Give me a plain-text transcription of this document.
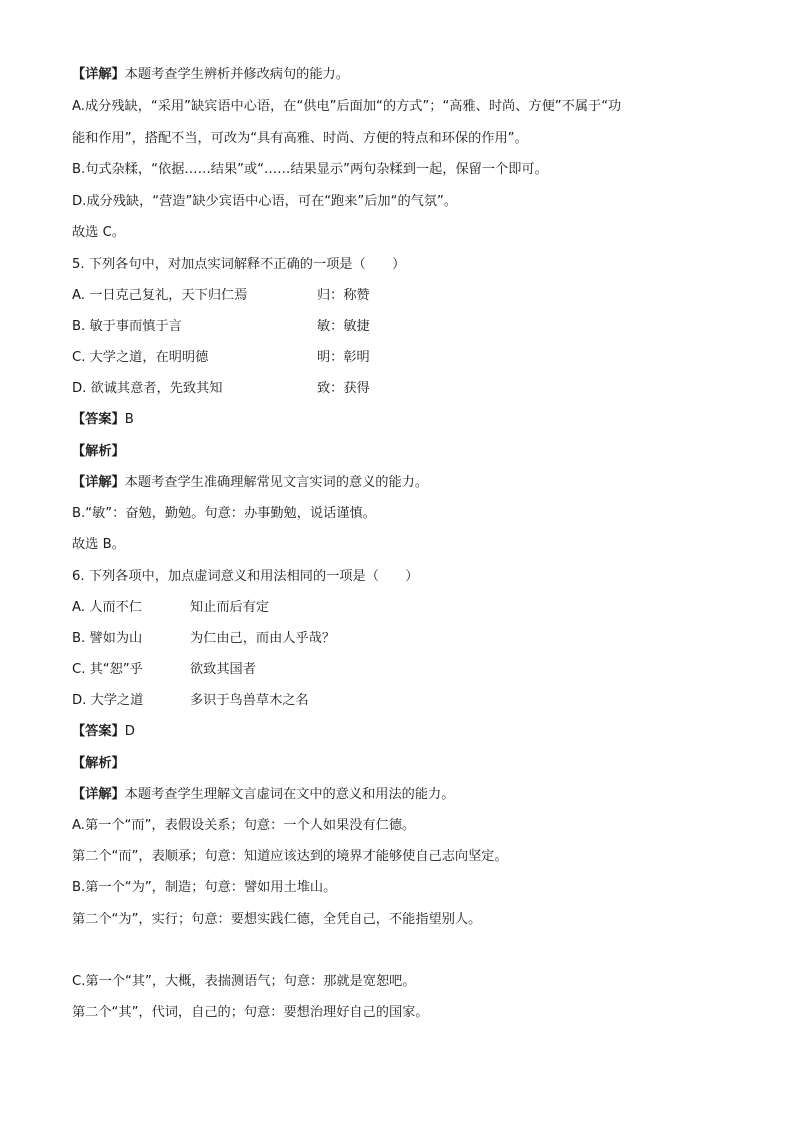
【详解】本题考查学生辨析并修改病句的能力。
A.成分残缺，“采用”缺宾语中心语，在“供电”后面加“的方式”；“高雅、时尚、方便”不属于“功
能和作用”，搭配不当，可改为“具有高雅、时尚、方便的特点和环保的作用”。
B.句式杂糅，“依据……结果”或“……结果显示”两句杂糅到一起，保留一个即可。
D.成分残缺，“营造”缺少宾语中心语，可在“跑来”后加“的气氛”。
故选 C。
5. 下列各句中，对加点实词解释不正确的一项是（　　）
A. 一日克己复礼，天下归仁焉	归：称赞
B. 敏于事而慎于言	敏：敏捷
C. 大学之道，在明明德	明：彰明
D. 欲诚其意者，先致其知	致：获得
【答案】B
【解析】
【详解】本题考查学生准确理解常见文言实词的意义的能力。
B.“敏”：奋勉，勤勉。句意：办事勤勉，说话谨慎。
故选 B。
6. 下列各项中，加点虚词意义和用法相同的一项是（　　）
A. 人而不仁	知止而后有定
B. 譬如为山	为仁由己，而由人乎哉？
C. 其“恕”乎	欲致其国者
D. 大学之道	多识于鸟兽草木之名
【答案】D
【解析】
【详解】本题考查学生理解文言虚词在文中的意义和用法的能力。
A.第一个“而”，表假设关系；句意：一个人如果没有仁德。
第二个“而”，表顺承；句意：知道应该达到的境界才能够使自己志向坚定。
B.第一个“为”，制造；句意：譬如用土堆山。
第二个“为”，实行；句意：要想实践仁德，全凭自己，不能指望别人。
C.第一个“其”，大概，表揣测语气；句意：那就是宽恕吧。
第二个“其”，代词，自己的；句意：要想治理好自己的国家。
